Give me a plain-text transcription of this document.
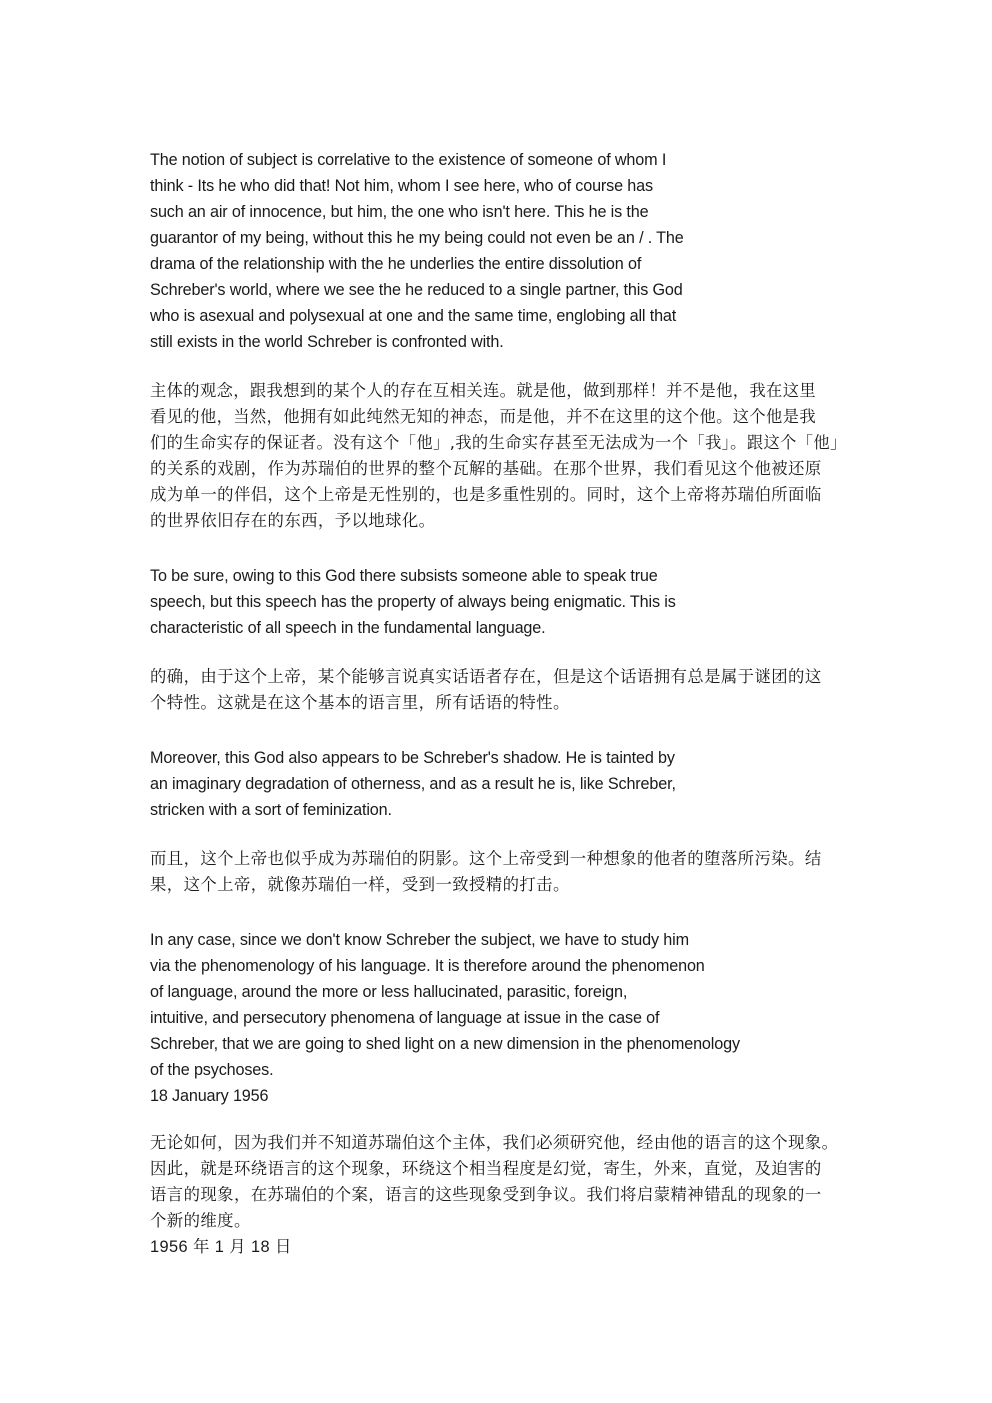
The notion of subject is correlative to the existence of someone of whom I
think - Its he who did that! Not him, whom I see here, who of course has
such an air of innocence, but him, the one who isn't here. This he is the
guarantor of my being, without this he my being could not even be an / . The
drama of the relationship with the he underlies the entire dissolution of
Schreber's world, where we see the he reduced to a single partner, this God
who is asexual and polysexual at one and the same time, englobing all that
still exists in the world Schreber is confronted with.
主体的观念，跟我想到的某个人的存在互相关连。就是他，做到那样！并不是他，我在这里
看见的他，当然，他拥有如此纯然无知的神态，而是他，并不在这里的这个他。这个他是我
们的生命实存的保证者。没有这个「他」,我的生命实存甚至无法成为一个「我」。跟这个「他」
的关系的戏剧，作为苏瑞伯的世界的整个瓦解的基础。在那个世界，我们看见这个他被还原
成为单一的伴侣，这个上帝是无性别的，也是多重性别的。同时，这个上帝将苏瑞伯所面临
的世界依旧存在的东西，予以地球化。
To be sure, owing to this God there subsists someone able to speak true
speech, but this speech has the property of always being enigmatic. This is
characteristic of all speech in the fundamental language.
的确，由于这个上帝，某个能够言说真实话语者存在，但是这个话语拥有总是属于谜团的这
个特性。这就是在这个基本的语言里，所有话语的特性。
Moreover, this God also appears to be Schreber's shadow. He is tainted by
an imaginary degradation of otherness, and as a result he is, like Schreber,
stricken with a sort of feminization.
而且，这个上帝也似乎成为苏瑞伯的阴影。这个上帝受到一种想象的他者的堕落所污染。结
果，这个上帝，就像苏瑞伯一样，受到一致授精的打击。
In any case, since we don't know Schreber the subject, we have to study him
via the phenomenology of his language. It is therefore around the phenomenon
of language, around the more or less hallucinated, parasitic, foreign,
intuitive, and persecutory phenomena of language at issue in the case of
Schreber, that we are going to shed light on a new dimension in the phenomenology
of the psychoses.
18 January 1956
无论如何，因为我们并不知道苏瑞伯这个主体，我们必须研究他，经由他的语言的这个现象。
因此，就是环绕语言的这个现象，环绕这个相当程度是幻觉，寄生，外来，直觉，及迫害的
语言的现象，在苏瑞伯的个案，语言的这些现象受到争议。我们将启蒙精神错乱的现象的一
个新的维度。
1956 年 1 月 18 日
